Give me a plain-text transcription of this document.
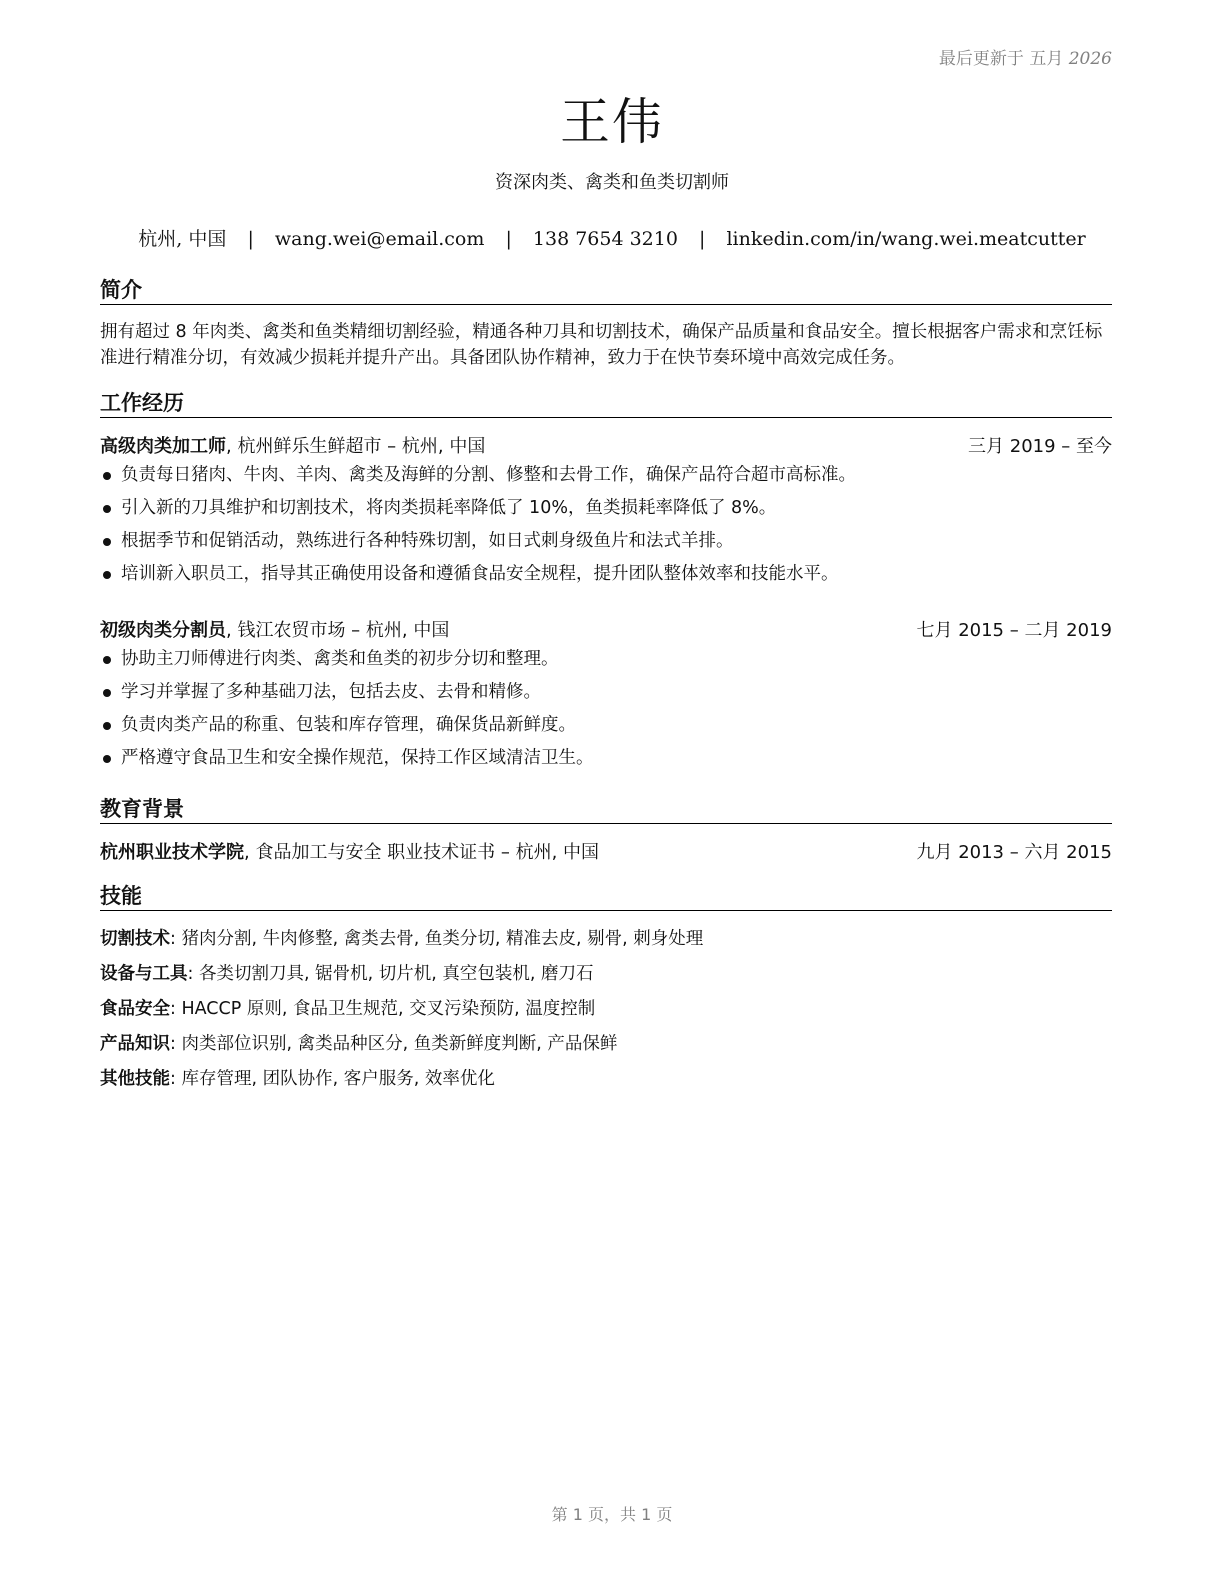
最后更新于 五月 2026
王伟
资深肉类、禽类和鱼类切割师
杭州, 中国 | wang.wei@email.com | 138 7654 3210 | linkedin.com/in/wang.wei.meatcutter
简介
拥有超过 8 年肉类、禽类和鱼类精细切割经验，精通各种刀具和切割技术，确保产品质量和食品安全。擅长根据客户需求和烹饪标准进行精准分切，有效减少损耗并提升产出。具备团队协作精神，致力于在快节奏环境中高效完成任务。
工作经历
高级肉类加工师, 杭州鲜乐生鲜超市 – 杭州, 中国	三月 2019 – 至今
负责每日猪肉、牛肉、羊肉、禽类及海鲜的分割、修整和去骨工作，确保产品符合超市高标准。
引入新的刀具维护和切割技术，将肉类损耗率降低了 10%，鱼类损耗率降低了 8%。
根据季节和促销活动，熟练进行各种特殊切割，如日式刺身级鱼片和法式羊排。
培训新入职员工，指导其正确使用设备和遵循食品安全规程，提升团队整体效率和技能水平。
初级肉类分割员, 钱江农贸市场 – 杭州, 中国	七月 2015 – 二月 2019
协助主刀师傅进行肉类、禽类和鱼类的初步分切和整理。
学习并掌握了多种基础刀法，包括去皮、去骨和精修。
负责肉类产品的称重、包装和库存管理，确保货品新鲜度。
严格遵守食品卫生和安全操作规范，保持工作区域清洁卫生。
教育背景
杭州职业技术学院, 食品加工与安全 职业技术证书 – 杭州, 中国	九月 2013 – 六月 2015
技能
切割技术: 猪肉分割, 牛肉修整, 禽类去骨, 鱼类分切, 精准去皮, 剔骨, 刺身处理
设备与工具: 各类切割刀具, 锯骨机, 切片机, 真空包装机, 磨刀石
食品安全: HACCP 原则, 食品卫生规范, 交叉污染预防, 温度控制
产品知识: 肉类部位识别, 禽类品种区分, 鱼类新鲜度判断, 产品保鲜
其他技能: 库存管理, 团队协作, 客户服务, 效率优化
第 1 页，共 1 页
